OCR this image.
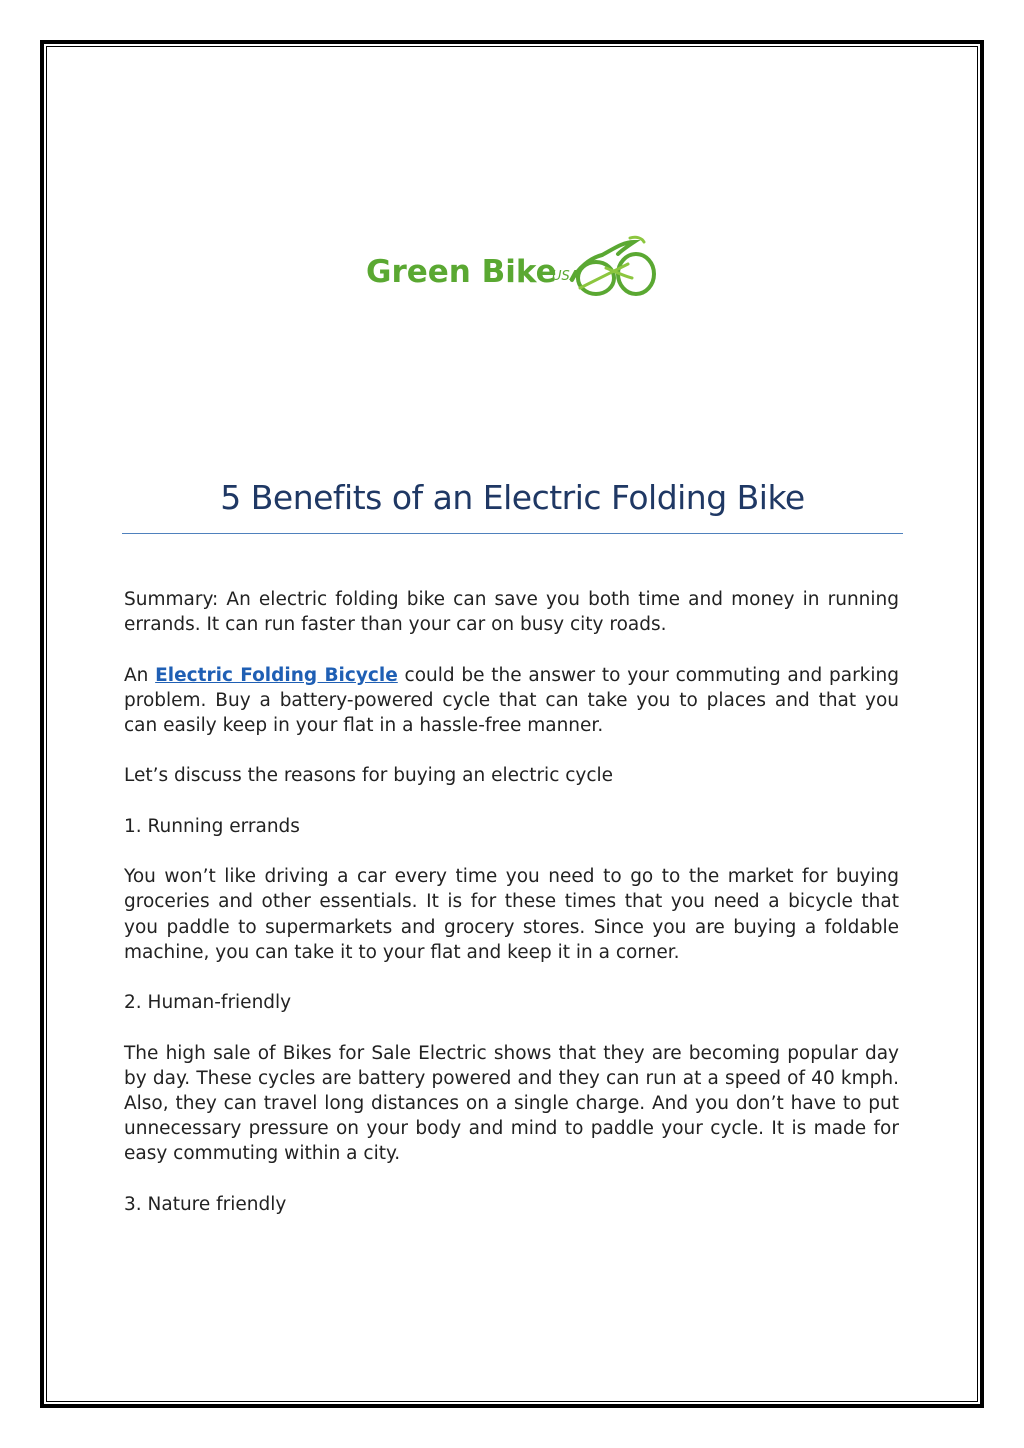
Green Bike
USA
5 Benefits of an Electric Folding Bike

Summary: An electric folding bike can save you both time and money in running errands. It can run faster than your car on busy city roads.

An Electric Folding Bicycle could be the answer to your commuting and parking problem. Buy a battery-powered cycle that can take you to places and that you can easily keep in your flat in a hassle-free manner.

Let’s discuss the reasons for buying an electric cycle

1. Running errands

You won’t like driving a car every time you need to go to the market for buying groceries and other essentials. It is for these times that you need a bicycle that you paddle to supermarkets and grocery stores. Since you are buying a foldable machine, you can take it to your flat and keep it in a corner.

2. Human-friendly

The high sale of Bikes for Sale Electric shows that they are becoming popular day by day. These cycles are battery powered and they can run at a speed of 40 kmph. Also, they can travel long distances on a single charge. And you don’t have to put unnecessary pressure on your body and mind to paddle your cycle. It is made for easy commuting within a city.

3. Nature friendly
